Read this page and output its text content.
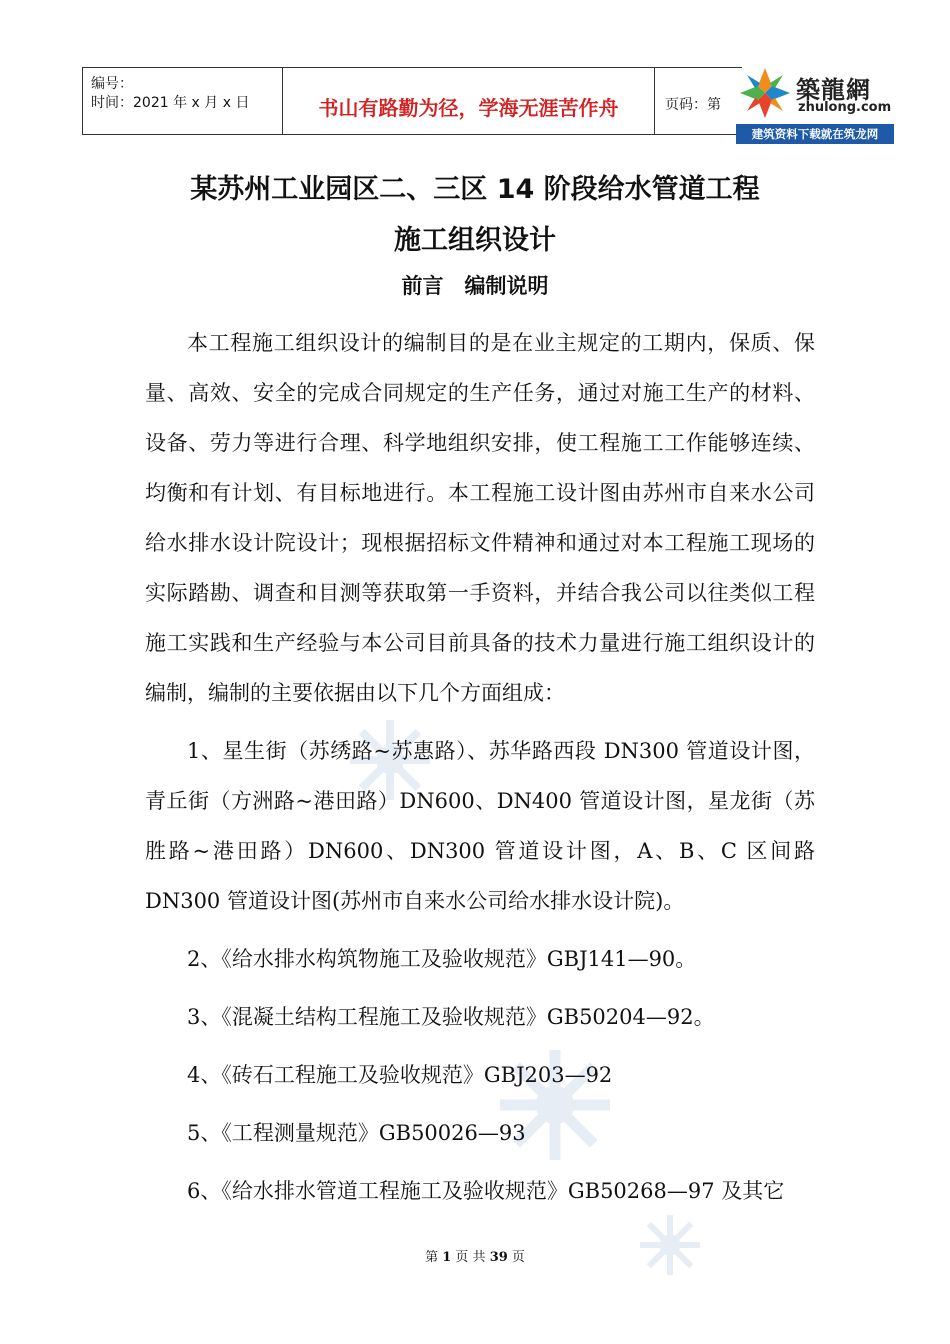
编号：
时间：2021 年 x 月 x 日	书山有路勤为径，学海无涯苦作舟	页码：第
築龍網
zhulong.com
建筑资料下载就在筑龙网
某苏州工业园区二、三区 14 阶段给水管道工程
施工组织设计
前言　编制说明

本工程施工组织设计的编制目的是在业主规定的工期内，保质、保量、高效、安全的完成合同规定的生产任务，通过对施工生产的材料、设备、劳力等进行合理、科学地组织安排，使工程施工工作能够连续、均衡和有计划、有目标地进行。本工程施工设计图由苏州市自来水公司给水排水设计院设计；现根据招标文件精神和通过对本工程施工现场的实际踏勘、调查和目测等获取第一手资料，并结合我公司以往类似工程施工实践和生产经验与本公司目前具备的技术力量进行施工组织设计的编制，编制的主要依据由以下几个方面组成：

1、星生街（苏绣路~苏惠路）、苏华路西段 DN300 管道设计图，青丘街（方洲路~港田路）DN600、DN400 管道设计图，星龙街（苏胜路~港田路）DN600、DN300 管道设计图，A、B、C 区间路 DN300 管道设计图(苏州市自来水公司给水排水设计院)。

2、《给水排水构筑物施工及验收规范》GBJ141—90。

3、《混凝土结构工程施工及验收规范》GB50204—92。

4、《砖石工程施工及验收规范》GBJ203—92

5、《工程测量规范》GB50026—93

6、《给水排水管道工程施工及验收规范》GB50268—97 及其它

第 1 页 共 39 页
